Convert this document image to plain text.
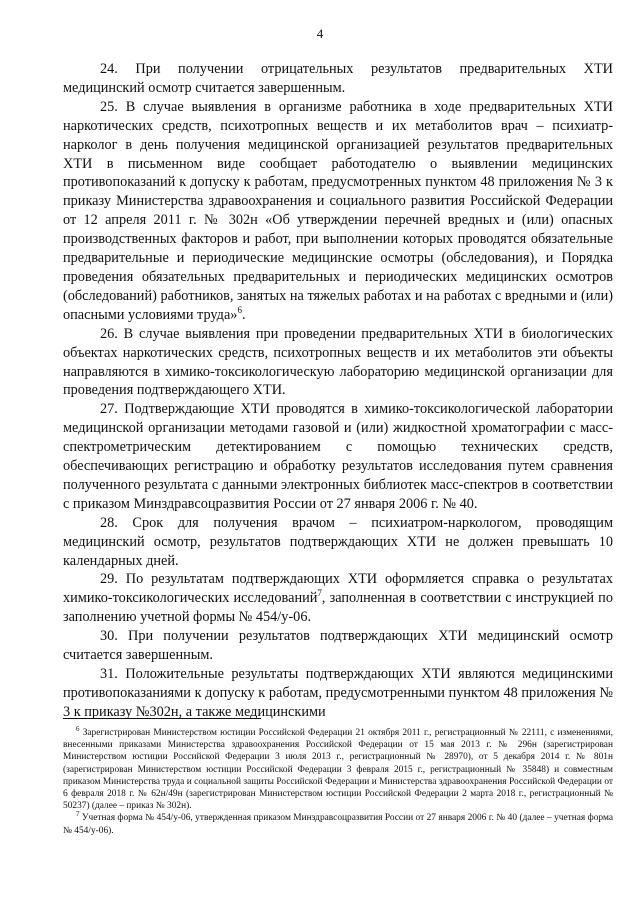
4

24. При получении отрицательных результатов предварительных ХТИ медицинский осмотр считается завершенным.

25. В случае выявления в организме работника в ходе предварительных ХТИ наркотических средств, психотропных веществ и их метаболитов врач – психиатр-нарколог в день получения медицинской организацией результатов предварительных ХТИ в письменном виде сообщает работодателю о выявлении медицинских противопоказаний к допуску к работам, предусмотренных пунктом 48 приложения № 3 к приказу Министерства здравоохранения и социального развития Российской Федерации от 12 апреля 2011 г. № 302н «Об утверждении перечней вредных и (или) опасных производственных факторов и работ, при выполнении которых проводятся обязательные предварительные и периодические медицинские осмотры (обследования), и Порядка проведения обязательных предварительных и периодических медицинских осмотров (обследований) работников, занятых на тяжелых работах и на работах с вредными и (или) опасными условиями труда»$^6$.

26. В случае выявления при проведении предварительных ХТИ в биологических объектах наркотических средств, психотропных веществ и их метаболитов эти объекты направляются в химико-токсикологическую лабораторию медицинской организации для проведения подтверждающего ХТИ.

27. Подтверждающие ХТИ проводятся в химико-токсикологической лаборатории медицинской организации методами газовой и (или) жидкостной хроматографии с масс-спектрометрическим детектированием с помощью технических средств, обеспечивающих регистрацию и обработку результатов исследования путем сравнения полученного результата с данными электронных библиотек масс-спектров в соответствии с приказом Минздравсоцразвития России от 27 января 2006 г. № 40.

28. Срок для получения врачом – психиатром-наркологом, проводящим медицинский осмотр, результатов подтверждающих ХТИ не должен превышать 10 календарных дней.

29. По результатам подтверждающих ХТИ оформляется справка о результатах химико-токсикологических исследований$^7$, заполненная в соответствии с инструкцией по заполнению учетной формы № 454/у-06.

30. При получении результатов подтверждающих ХТИ медицинский осмотр считается завершенным.

31. Положительные результаты подтверждающих ХТИ являются медицинскими противопоказаниями к допуску к работам, предусмотренными пунктом 48 приложения № 3 к приказу №302н, а также медицинскими

$^6$ Зарегистрирован Министерством юстиции Российской Федерации 21 октября 2011 г., регистрационный № 22111, с изменениями, внесенными приказами Министерства здравоохранения Российской Федерации от 15 мая 2013 г. № 296н (зарегистрирован Министерством юстиции Российской Федерации 3 июля 2013 г., регистрационный № 28970), от 5 декабря 2014 г. № 801н (зарегистрирован Министерством юстиции Российской Федерации 3 февраля 2015 г., регистрационный № 35848) и совместным приказом Министерства труда и социальной защиты Российской Федерации и Министерства здравоохранения Российской Федерации от 6 февраля 2018 г. № 62н/49н (зарегистрирован Министерством юстиции Российской Федерации 2 марта 2018 г., регистрационный № 50237) (далее – приказ № 302н).

$^7$ Учетная форма № 454/у-06, утвержденная приказом Минздравсоцразвития России от 27 января 2006 г. № 40 (далее – учетная форма № 454/у-06).
